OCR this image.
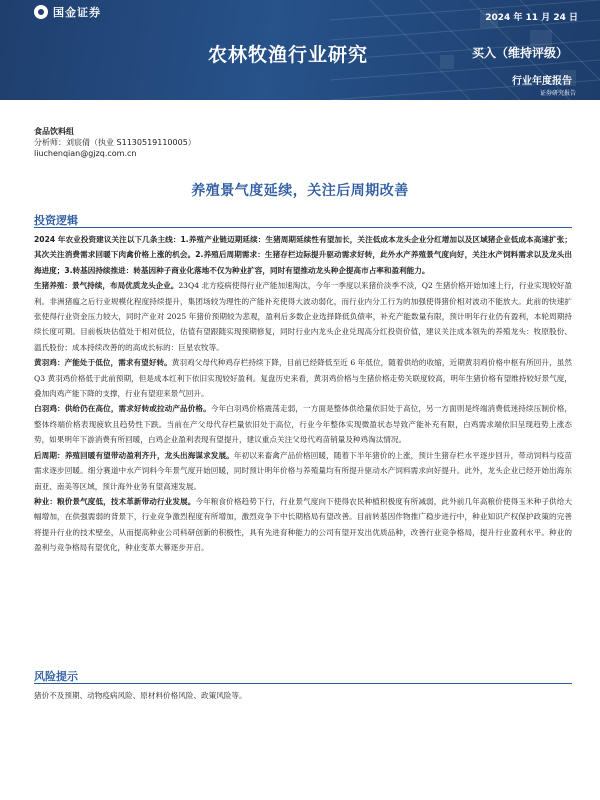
国金证券	2024 年 11 月 24 日
农林牧渔行业研究	买入（维持评级）
行业年度报告
证券研究报告
食品饮料组
分析师：刘宸倩（执业 S1130519110005）
liuchenqian@gjzq.com.cn
养殖景气度延续，关注后周期改善
投资逻辑

2024 年农业投资建议关注以下几条主线：1.养殖产业链迈期延续：生猪周期延续性有望加长，关注低成本龙头企业分红增加以及区域猪企业低成本高速扩张；其次关注消费需求回暖下肉禽价格上涨的机会。2.养殖后周期需求：生猪存栏边际提升驱动需求好转，此外水产养殖景气度向好，关注水产饲料需求以及龙头出海进度；3.转基因持续推进：转基因种子商业化落地不仅为种业扩容，同时有望推动龙头种企提高市占率和盈利能力。

生猪养殖：景气持续，布局优质龙头企业。23Q4 北方疫病使得行业产能加速淘汰，今年一季度以来猪价淡季不淡，Q2 生猪价格开始加速上行，行业实现较好盈利。非洲猪瘟之后行业规模化程度持续提升，集团场较为理性的产能补充使得大波动弱化，而行业内分工行为的加强使得猪价相对波动不能放大。此前的快速扩张使得行业资金压力较大，同时产业对 2025 年猪价预期较为悲观，盈利后多数企业选择降低负债率，补充产能数量有限，预计明年行业仍有盈利，本轮周期持续长度可期。目前板块估值处于相对低位，估值有望跟随实现预期修复，同时行业内龙头企业兑现高分红投资价值，建议关注成本领先的养殖龙头：牧原股份、温氏股份；成本持续改善的的高成长标的：巨星农牧等。

黄羽鸡：产能处于低位，需求有望好转。黄羽鸡父母代种鸡存栏持续下降，目前已经降低至近 6 年低位，随着供给的收缩，近期黄羽鸡价格中枢有所回升，虽然 Q3 黄羽鸡价格低于此前预期，但是成本红利下依旧实现较好盈利。复盘历史来看，黄羽鸡价格与生猪价格走势关联度较高，明年生猪价格有望维持较好景气度，叠加肉鸡产能下降的支撑，行业有望迎来景气回升。

白羽鸡：供给仍在高位，需求好转或拉动产品价格。今年白羽鸡价格震荡走弱，一方面是整体供给量依旧处于高位，另一方面则是终端消费低迷持续压制价格，整体终端价格表现疲软且趋势性下跌。当前在产父母代存栏量依旧处于高位，行业今年整体实现微盈状态导致产能补充有限，白鸡需求端依旧呈现趋势上涨态势，如果明年下游消费有所回暖，白鸡企业盈利表现有望提升，建议重点关注父母代鸡苗销量及种鸡淘汰情况。

后周期：养殖回暖有望带动盈利齐升，龙头出海谋求发展。年初以来畜禽产品价格回暖，随着下半年猪价的上涨，预计生猪存栏水平逐步回升，带动饲料与疫苗需求逐步回暖。细分赛道中水产饲料今年景气度开始回暖，同时预计明年价格与养殖量均有所提升驱动水产饲料需求向好提升。此外，龙头企业已经开始出海东南亚、南美等区域，预计海外业务有望高速发展。

种业：粮价景气度低，技术革新带动行业发展。今年粮食价格趋势下行，行业景气度向下使得农民种植积极度有所减弱，此外前几年高粮价使得玉米种子供给大幅增加，在供强需弱的背景下，行业竞争激烈程度有所增加，激烈竞争下中长期格局有望改善。目前转基因作物推广稳步进行中，种业知识产权保护政策的完善将提升行业的技术壁垒，从而提高种业公司科研创新的积极性，具有先进育种能力的公司有望开发出优质品种，改善行业竞争格局，提升行业盈利水平。种业的盈利与竞争格局有望优化，种业变革大幕逐步开启。

风险提示

猪价不及预期、动物疫病风险、原材料价格风险、政策风险等。
